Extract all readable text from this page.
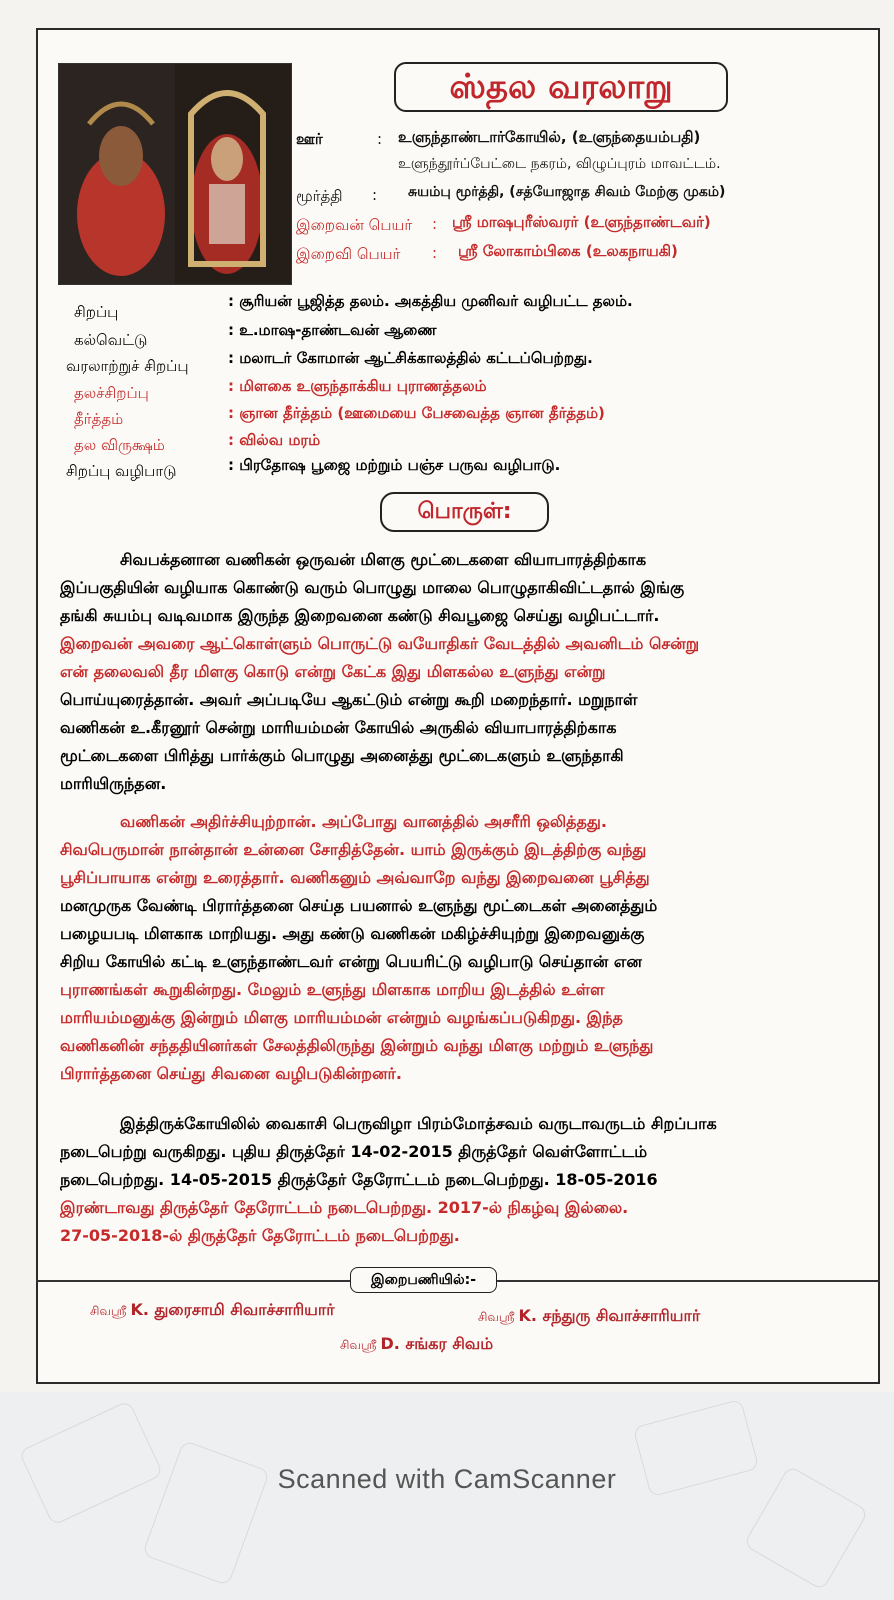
ஸ்தல வரலாறு
ஊர்	: உளுந்தாண்டார்கோயில், (உளுந்தையம்பதி)
உளுந்தூர்ப்பேட்டை நகரம், விழுப்புரம் மாவட்டம்.
மூர்த்தி : சுயம்பு மூர்த்தி, (சத்யோஜாத சிவம் மேற்கு முகம்)
இறைவன் பெயர் : ஸ்ரீ மாஷபுரீஸ்வரர் (உளுந்தாண்டவர்)
இறைவி பெயர் : ஸ்ரீ லோகாம்பிகை (உலகநாயகி)
சிறப்பு
: சூரியன் பூஜித்த தலம். அகத்திய முனிவர் வழிபட்ட தலம்.
கல்வெட்டு
: உ.மாஷ-தாண்டவன் ஆணை
வரலாற்றுச் சிறப்பு	: மலாடர் கோமான் ஆட்சிக்காலத்தில் கட்டப்பெற்றது.
தலச்சிறப்பு	: மிளகை உளுந்தாக்கிய புராணத்தலம்
தீர்த்தம்	: ஞான தீர்த்தம் (ஊமையை பேசவைத்த ஞான தீர்த்தம்)
தல விருக்ஷம்	: வில்வ மரம்
சிறப்பு வழிபாடு	: பிரதோஷ பூஜை மற்றும் பஞ்ச பருவ வழிபாடு.
பொருள்:
சிவபக்தனான வணிகன் ஒருவன் மிளகு மூட்டைகளை வியாபாரத்திற்காக
இப்பகுதியின் வழியாக கொண்டு வரும் பொழுது மாலை பொழுதாகிவிட்டதால் இங்கு
தங்கி சுயம்பு வடிவமாக இருந்த இறைவனை கண்டு சிவபூஜை செய்து வழிபட்டார்.
இறைவன் அவரை ஆட்கொள்ளும் பொருட்டு வயோதிகர் வேடத்தில் அவனிடம் சென்று
என் தலைவலி தீர மிளகு கொடு என்று கேட்க இது மிளகல்ல உளுந்து என்று
பொய்யுரைத்தான். அவர் அப்படியே ஆகட்டும் என்று கூறி மறைந்தார். மறுநாள்
வணிகன் உ.கீரனூர் சென்று மாரியம்மன் கோயில் அருகில் வியாபாரத்திற்காக
மூட்டைகளை பிரித்து பார்க்கும் பொழுது அனைத்து மூட்டைகளும் உளுந்தாகி
மாரியிருந்தன.
வணிகன் அதிர்ச்சியுற்றான். அப்போது வானத்தில் அசரீரி ஒலித்தது.
சிவபெருமான் நான்தான் உன்னை சோதித்தேன். யாம் இருக்கும் இடத்திற்கு வந்து
பூசிப்பாயாக என்று உரைத்தார். வணிகனும் அவ்வாறே வந்து இறைவனை பூசித்து
மனமுருக வேண்டி பிரார்த்தனை செய்த பயனால் உளுந்து மூட்டைகள் அனைத்தும்
பழையபடி மிளகாக மாறியது. அது கண்டு வணிகன் மகிழ்ச்சியுற்று இறைவனுக்கு
சிறிய கோயில் கட்டி உளுந்தாண்டவர் என்று பெயரிட்டு வழிபாடு செய்தான் என
புராணங்கள் கூறுகின்றது. மேலும் உளுந்து மிளகாக மாறிய இடத்தில் உள்ள
மாரியம்மனுக்கு இன்றும் மிளகு மாரியம்மன் என்றும் வழங்கப்படுகிறது. இந்த
வணிகனின் சந்ததியினர்கள் சேலத்திலிருந்து இன்றும் வந்து மிளகு மற்றும் உளுந்து
பிரார்த்தனை செய்து சிவனை வழிபடுகின்றனர்.
இத்திருக்கோயிலில் வைகாசி பெருவிழா பிரம்மோத்சவம் வருடாவருடம் சிறப்பாக
நடைபெற்று வருகிறது. புதிய திருத்தேர் 14-02-2015 திருத்தேர் வெள்ளோட்டம்
நடைபெற்றது. 14-05-2015 திருத்தேர் தேரோட்டம் நடைபெற்றது. 18-05-2016
இரண்டாவது திருத்தேர் தேரோட்டம் நடைபெற்றது. 2017-ல் நிகழ்வு இல்லை.
27-05-2018-ல் திருத்தேர் தேரோட்டம் நடைபெற்றது.
இறைபணியில்:-
சிவஸ்ரீ K. துரைசாமி சிவாச்சாரியார்	சிவஸ்ரீ K. சந்துரு சிவாச்சாரியார்
சிவஸ்ரீ D. சங்கர சிவம்
Scanned with CamScanner
